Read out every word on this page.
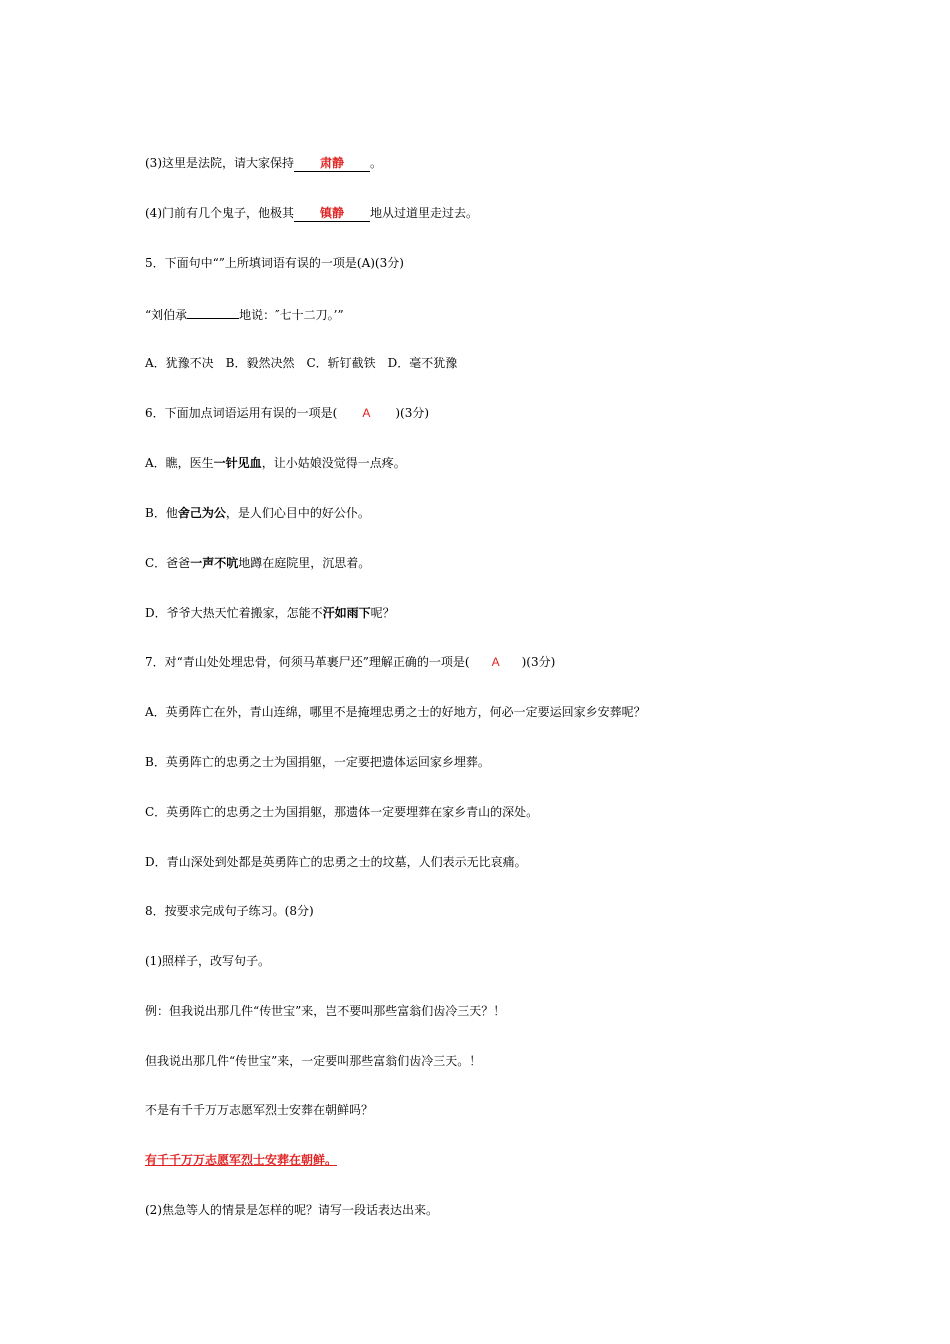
(3)这里是法院，请大家保持 肃静 。
(4)门前有几个鬼子，他极其 镇静 地从过道里走过去。
5．下面句中“”上所填词语有误的一项是(A)(3分)
“刘伯承	地说：″七十二刀。’”
A．犹豫不决　B．毅然决然　C．斩钉截铁　D．毫不犹豫
6．下面加点词语运用有误的一项是( A )(3分)
A．瞧，医生一针见血，让小姑娘没觉得一点疼。
B．他舍己为公，是人们心目中的好公仆。
C．爸爸一声不吭地蹲在庭院里，沉思着。
D．爷爷大热天忙着搬家，怎能不汗如雨下呢？
7．对“青山处处埋忠骨，何须马革裹尸还”理解正确的一项是( A )(3分)
A．英勇阵亡在外，青山连绵，哪里不是掩埋忠勇之士的好地方，何必一定要运回家乡安葬呢？
B．英勇阵亡的忠勇之士为国捐躯，一定要把遗体运回家乡埋葬。
C．英勇阵亡的忠勇之士为国捐躯，那遗体一定要埋葬在家乡青山的深处。
D．青山深处到处都是英勇阵亡的忠勇之士的坟墓，人们表示无比哀痛。
8．按要求完成句子练习。(8分)
(1)照样子，改写句子。
例：但我说出那几件“传世宝”来，岂不要叫那些富翁们齿冷三天？！
但我说出那几件“传世宝”来，一定要叫那些富翁们齿冷三天。！
不是有千千万万志愿军烈士安葬在朝鲜吗？
有千千万万志愿军烈士安葬在朝鲜。
(2)焦急等人的情景是怎样的呢？请写一段话表达出来。
